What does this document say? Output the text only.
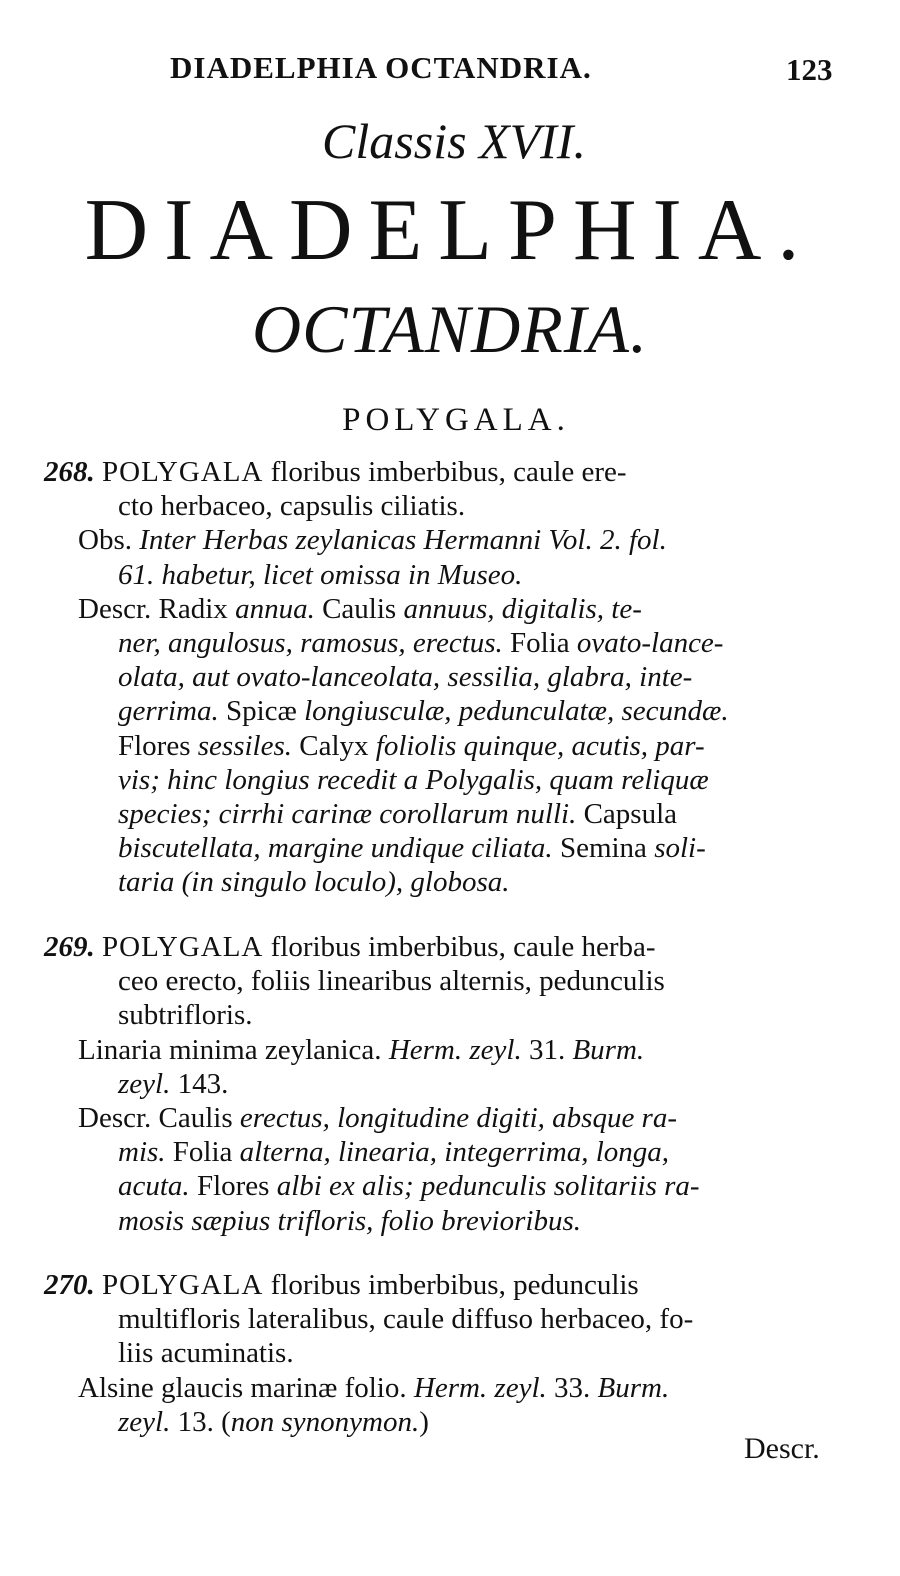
DIADELPHIA OCTANDRIA.	123
Classis XVII.
DIADELPHIA.
OCTANDRIA.
POLYGALA.
268. POLYGALA floribus imberbibus, caule ere-
cto herbaceo, capsulis ciliatis.
Obs. Inter Herbas zeylanicas Hermanni Vol. 2. fol.
61. habetur, licet omissa in Museo.
Descr. Radix annua. Caulis annuus, digitalis, te-
ner, angulosus, ramosus, erectus. Folia ovato-lance-
olata, aut ovato-lanceolata, sessilia, glabra, inte-
gerrima. Spicæ longiusculæ, pedunculatæ, secundæ.
Flores sessiles. Calyx foliolis quinque, acutis, par-
vis; hinc longius recedit a Polygalis, quam reliquæ
species; cirrhi carinæ corollarum nulli. Capsula
biscutellata, margine undique ciliata. Semina soli-
taria (in singulo loculo), globosa.
269. POLYGALA floribus imberbibus, caule herba-
ceo erecto, foliis linearibus alternis, pedunculis
subtrifloris.
Linaria minima zeylanica. Herm. zeyl. 31. Burm.
zeyl. 143.
Descr. Caulis erectus, longitudine digiti, absque ra-
mis. Folia alterna, linearia, integerrima, longa,
acuta. Flores albi ex alis; pedunculis solitariis ra-
mosis sæpius trifloris, folio brevioribus.
270. POLYGALA floribus imberbibus, pedunculis
multifloris lateralibus, caule diffuso herbaceo, fo-
liis acuminatis.
Alsine glaucis marinæ folio. Herm. zeyl. 33. Burm.
zeyl. 13. (non synonymon.)
Descr.
